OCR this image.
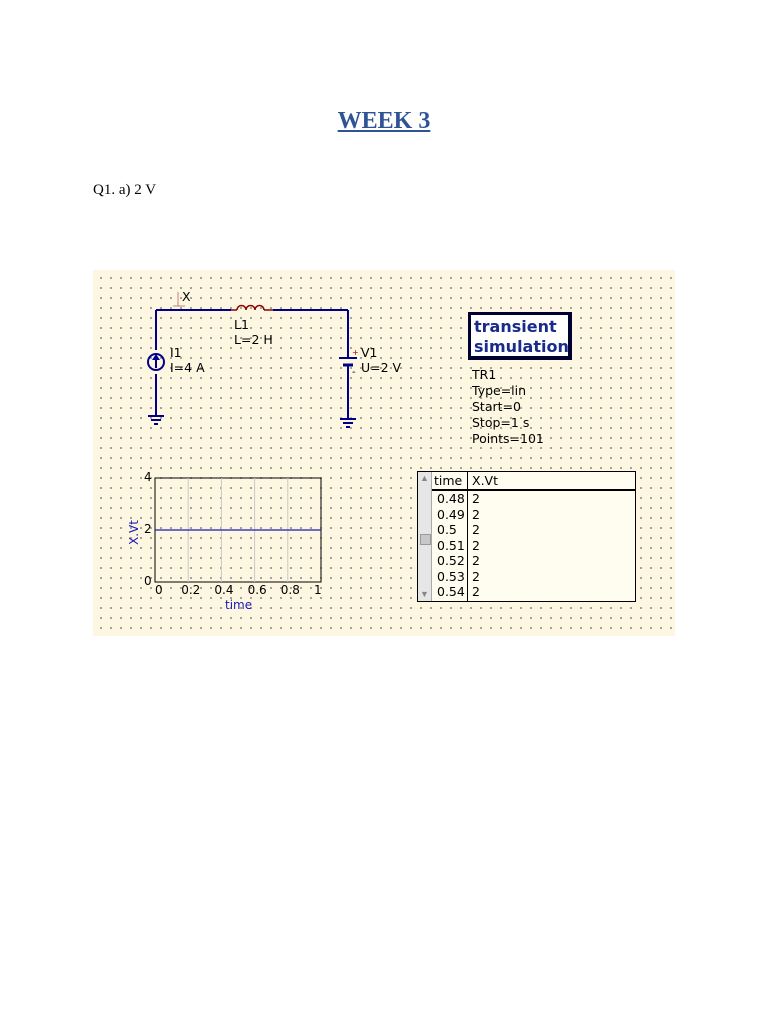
WEEK 3
Q1. a) 2 V
+
-
X
L1
L=2 H
I1
I=4 A
V1
U=2 V
transient
simulation
TR1
Type=lin
Start=0
Stop=1 s
Points=101
0 0.2 0.4 0.6 0.8 1
0
2
4
time
X.Vt
▲
▼
time X.Vt
0.48 2
0.49 2
0.5 2
0.51 2
0.52 2
0.53 2
0.54 2
